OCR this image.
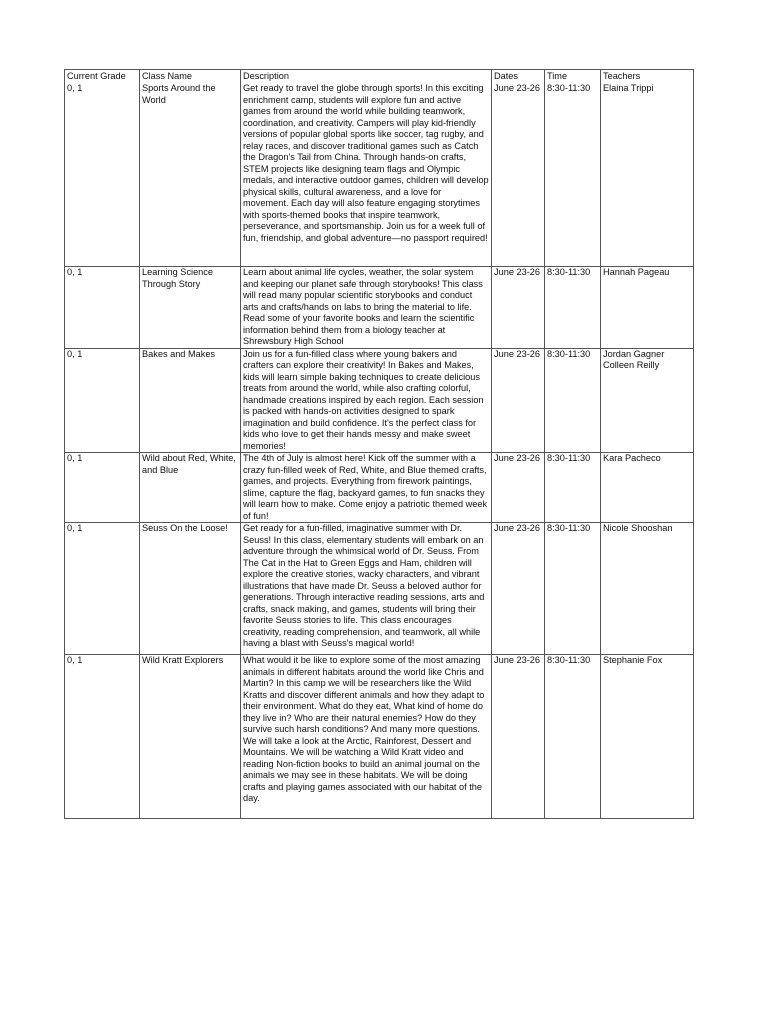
Current Grade	Class Name	Description	Dates	Time	Teachers
0, 1	Sports Around the World	Get ready to travel the globe through sports! In this exciting enrichment camp, students will explore fun and active games from around the world while building teamwork, coordination, and creativity. Campers will play kid-friendly versions of popular global sports like soccer, tag rugby, and relay races, and discover traditional games such as Catch the Dragon's Tail from China. Through hands-on crafts, STEM projects like designing team flags and Olympic medals, and interactive outdoor games, children will develop physical skills, cultural awareness, and a love for movement. Each day will also feature engaging storytimes with sports-themed books that inspire teamwork, perseverance, and sportsmanship. Join us for a week full of fun, friendship, and global adventure—no passport required!	June 23-26	8:30-11:30	Elaina Trippi

0, 1	Learning Science Through Story	Learn about animal life cycles, weather, the solar system and keeping our planet safe through storybooks! This class will read many popular scientific storybooks and conduct arts and crafts/hands on labs to bring the material to life. Read some of your favorite books and learn the scientific information behind them from a biology teacher at Shrewsbury High School	June 23-26	8:30-11:30	Hannah Pageau

0, 1	Bakes and Makes	Join us for a fun-filled class where young bakers and crafters can explore their creativity! In Bakes and Makes, kids will learn simple baking techniques to create delicious treats from around the world, while also crafting colorful, handmade creations inspired by each region. Each session is packed with hands-on activities designed to spark imagination and build confidence. It's the perfect class for kids who love to get their hands messy and make sweet memories!	June 23-26	8:30-11:30	Jordan Gagner
Colleen Reilly

0, 1	Wild about Red, White, and Blue	The 4th of July is almost here! Kick off the summer with a crazy fun-filled week of Red, White, and Blue themed crafts, games, and projects. Everything from firework paintings, slime, capture the flag, backyard games, to fun snacks they will learn how to make. Come enjoy a patriotic themed week of fun!	June 23-26	8:30-11:30	Kara Pacheco

0, 1	Seuss On the Loose!	Get ready for a fun-filled, imaginative summer with Dr. Seuss! In this class, elementary students will embark on an adventure through the whimsical world of Dr. Seuss. From The Cat in the Hat to Green Eggs and Ham, children will explore the creative stories, wacky characters, and vibrant illustrations that have made Dr. Seuss a beloved author for generations. Through interactive reading sessions, arts and crafts, snack making, and games, students will bring their favorite Seuss stories to life. This class encourages creativity, reading comprehension, and teamwork, all while having a blast with Seuss's magical world!	June 23-26	8:30-11:30	Nicole Shooshan

0, 1	Wild Kratt Explorers	What would it be like to explore some of the most amazing animals in different habitats around the world like Chris and Martin? In this camp we will be researchers like the Wild Kratts and discover different animals and how they adapt to their environment. What do they eat, What kind of home do they live in? Who are their natural enemies? How do they survive such harsh conditions? And many more questions. We will take a look at the Arctic, Rainforest, Dessert and Mountains. We will be watching a Wild Kratt video and reading Non-fiction books to build an animal journal on the animals we may see in these habitats. We will be doing crafts and playing games associated with our habitat of the day.	June 23-26	8:30-11:30	Stephanie Fox
